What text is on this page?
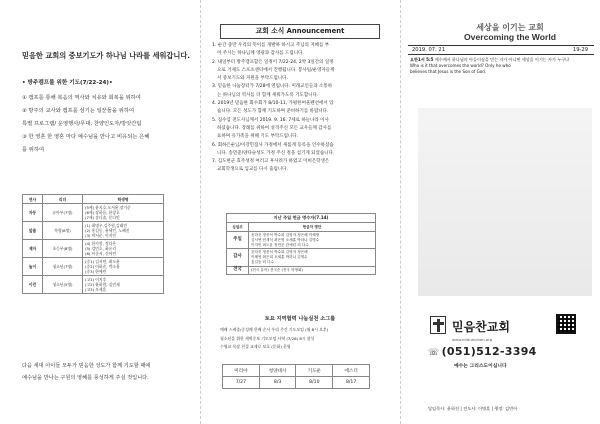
믿음한 교회의 중보기도가 하나님 나라를 세워갑니다.
• 방주캠프를 위한 기도(7/22-24)•
① 캠프를 통해 복음의 역사와 치유와 회복을 위하여
② 방주의 교사와 캠프를 섬기는 일꾼들을 위하여
특별 프로그램/ 운영행사/무대, 찬양인도자/방앗간팀
③ 한 영혼 한 영혼 마다 예수님을 만나고 비유되는 은혜
를 위하여
연사	리더	학생명
자동	유아부(7명)	(5세) 윤지호,오서윤,장기준
(6세) 장하음, 한창호
(7세) 송다솔, 문다인

앞줄	학령(8명)	(1) 최명우,김주원,김태민
(2) 홍길동, 윤세인, 노혜진
(3) 박서준, 이지민

제자	초등부(8명)	(4) 한가람, 정다은
(5) 강민호, 최유리
(6) 이준서, 신아린

높이	청소년(7명)	(중1) 김서연, 최도윤
(중2) 이하준, 박소율
(중3) 한예린

이런	청소년(5명)	(고1) 이지후
(고2) 윤하람, 김민재
(고3) 오세훈
다음 세대 아이들 모두가 믿음한 성도가 함께 기도할 때에
예수님을 만나는 구원의 영혜를 풍성하게 주실 것입니다.
교회 소식 Announcement
1. 순간 충만 우리의 뜻이를 개발하 하시고 주님의 지혜를 부
어 주시는 하나님께 영광과 감사를 드립니다.
2. 내일부터 방주캠프합은 일정이 7/22-24, 2박 3일간의 일정
으로 거제도 스포츠센터에서 진행됩니다. 봉사팀/운영자들께
서 중보기도와 지원을 부탁드립니다.
3. 믿음한 나눔장터가 7/28에 열립니다. 미래교인들과 소통하
는 하나님의 역사를 더 함께 세워가도록 기도합니다.
4. 2019년 믿음한 회수회가 8/10-11, 가평한여울펜션에서 있
습니다. 모든 성도가 함께 기도하며 준비하기를 바랍니다.
5. 집수입 전도사님께서 2019. 9. 16. 7세로 하늘나라 이사
하셨습니다. 장례를 위하여 성격주신 모든 교우들께 감사를
표하며 유가족을 위해 기도 부탁드립니다.
6. 회하은순님/이강민집사 가정에서 새롭게 등록을 인수하셨습
니다. 송민준/양다슬성도 가정 주신 정을 섬기게 되었습니다.
7. 김도현군 효주성정 여러고 후사려가 하였고 이희은학생은
교회학생으로 입교를 다시 출립니다.
지난 주일 헌금 명수자(7.14)	
십일조	헌금자 명단
주일	윤하진 정종석 박수화 김영자 정은혜 이혜영
김서연 민재식 최은영 오세훈 박하나 김명수
이지민 최도윤 장민준 한예린 외 다수

감사	윤하진 정종석 박수화 김영자 정은혜
이혜영 최은희 오세훈 박하나 김명수
홍길동 외 다수

전국	(전국 유아) 전국순 (전국 학생회)
토요 지역협력 나눔실천 소그룹
예배 스케줄/중성례 헌배 순서 우리 주간 기도모임 (월 8시 오후)
청소년을 위한 새벽중보 기도모임 사역 (7/28) 8시 참석
수영교 목장 친절 교제로 보호 (문화) 운영
미리아	청양대사	기도운	에스더
7/27	8/3	8/10	8/17
세상을 이기는 교회
Overcoming the World
2019. 07. 21	19-29
요한1서 5:5 예수께서 하나님의 아들이심을 믿는 자가 아니면 세상을 이기는 자가 누구냐
Who is it that overcomes the world? Only he who
believes that Jesus is the Son of God.
믿음찬교회
www.midumchan.org
☏ (051)512-3394
예수는 그리스도이십니다
담임목사: 윤하진 | 전도사: 이명훈 | 행정: 김민아
